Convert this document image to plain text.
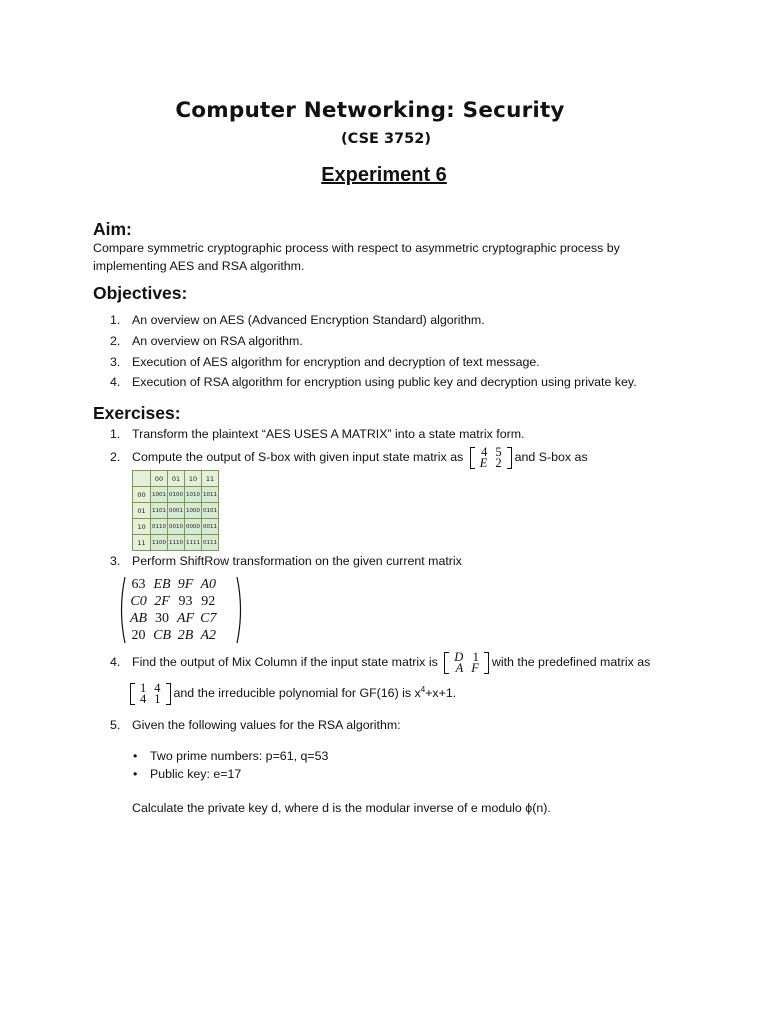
Computer Networking: Security
(CSE 3752)
Experiment 6
Aim:
Compare symmetric cryptographic process with respect to asymmetric cryptographic process by implementing AES and RSA algorithm.
Objectives:
1. An overview on AES (Advanced Encryption Standard) algorithm.
2. An overview on RSA algorithm.
3. Execution of AES algorithm for encryption and decryption of text message.
4. Execution of RSA algorithm for encryption using public key and decryption using private key.
Exercises:
1. Transform the plaintext “AES USES A MATRIX” into a state matrix form.
2. Compute the output of S-box with given input state matrix as 4	5
E	2 and S-box as
	00	01	10	11
00	1001	0100	1010	1011
01	1101	0001	1000	0101
10	0110	0010	0000	0011
11	1100	1110	1111	0111
3. Perform ShiftRow transformation on the given current matrix
63	EB	9F	A0
C0	2F	93	92
AB	30	AF	C7
20	CB	2B	A2
4. Find the output of Mix Column if the input state matrix is D	1
A	F with the predefined matrix as
1	4
4	1 and the irreducible polynomial for GF(16) is $x^4+x+1$.
5. Given the following values for the RSA algorithm:
• Two prime numbers: p=61, q=53
• Public key: e=17
Calculate the private key d, where d is the modular inverse of e modulo ϕ(n).
